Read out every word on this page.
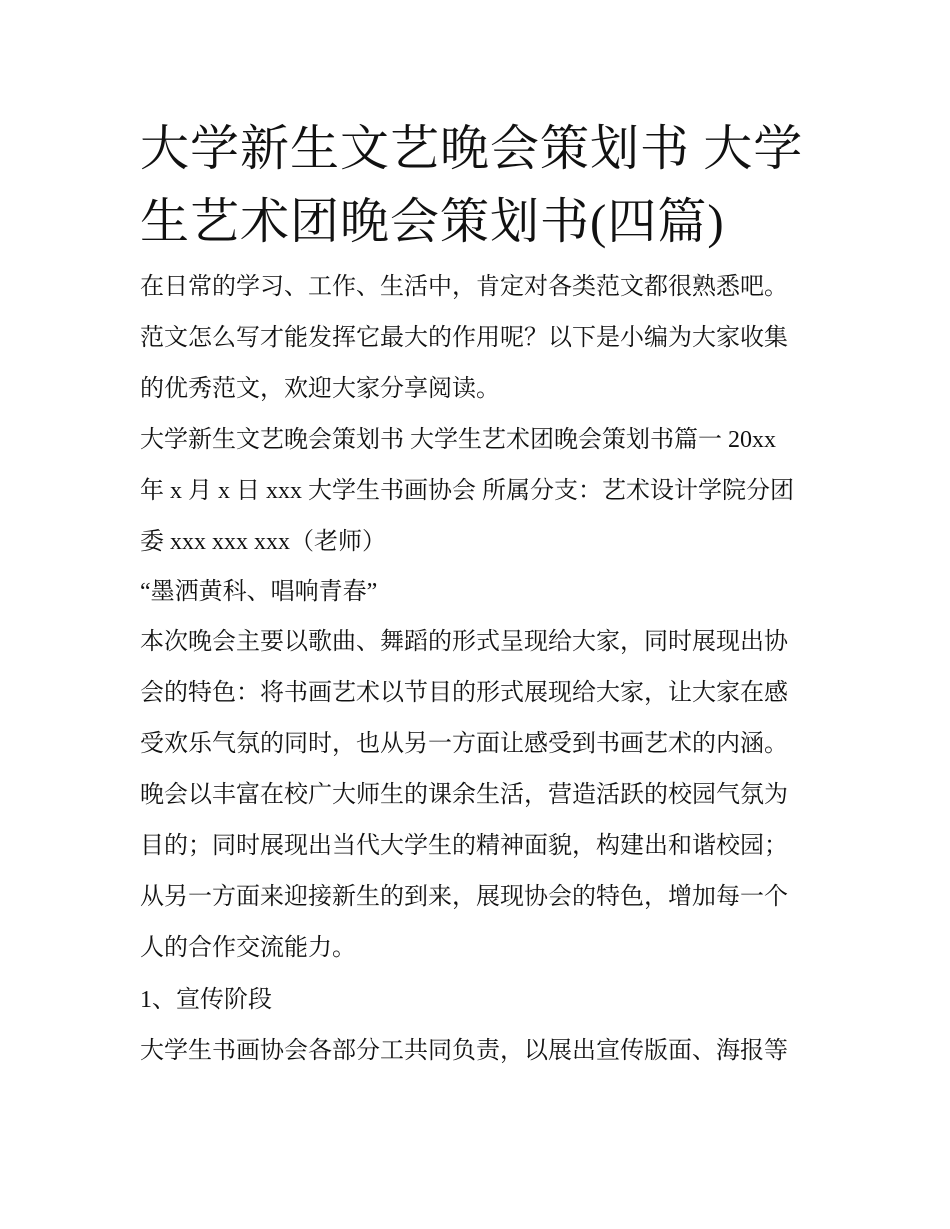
大学新生文艺晚会策划书 大学
生艺术团晚会策划书(四篇)
在日常的学习、工作、生活中，肯定对各类范文都很熟悉吧。
范文怎么写才能发挥它最大的作用呢？以下是小编为大家收集
的优秀范文，欢迎大家分享阅读。
大学新生文艺晚会策划书 大学生艺术团晚会策划书篇一 20xx
年 x 月 x 日 xxx 大学生书画协会 所属分支：艺术设计学院分团
委 xxx xxx xxx（老师）
“墨洒黄科、唱响青春”
本次晚会主要以歌曲、舞蹈的形式呈现给大家，同时展现出协
会的特色：将书画艺术以节目的形式展现给大家，让大家在感
受欢乐气氛的同时，也从另一方面让感受到书画艺术的内涵。
晚会以丰富在校广大师生的课余生活，营造活跃的校园气氛为
目的；同时展现出当代大学生的精神面貌，构建出和谐校园；
从另一方面来迎接新生的到来，展现协会的特色，增加每一个
人的合作交流能力。
1、宣传阶段
大学生书画协会各部分工共同负责，以展出宣传版面、海报等
